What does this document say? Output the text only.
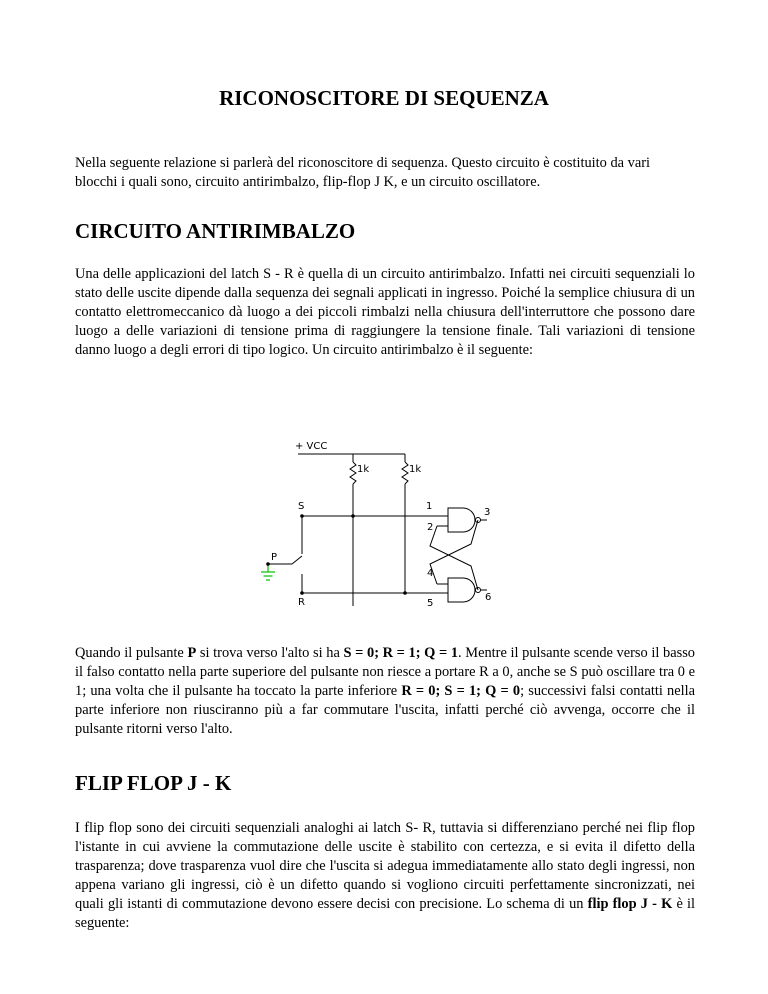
RICONOSCITORE DI SEQUENZA

Nella seguente relazione si parlerà del riconoscitore di sequenza. Questo circuito è costituito da vari blocchi i quali sono, circuito antirimbalzo, flip-flop J K, e un circuito oscillatore.

CIRCUITO ANTIRIMBALZO

Una delle applicazioni del latch S - R è quella di un circuito antirimbalzo. Infatti nei circuiti sequenziali lo stato delle uscite dipende dalla sequenza dei segnali applicati in ingresso. Poiché la semplice chiusura di un contatto elettromeccanico dà luogo a dei piccoli rimbalzi nella chiusura dell'interruttore che possono dare luogo a delle variazioni di tensione prima di raggiungere la tensione finale. Tali variazioni di tensione danno luogo a degli errori di tipo logico. Un circuito antirimbalzo è il seguente:

+ VCC
1k	1k
S
P
R
1
2
3
4
5
6

Quando il pulsante P si trova verso l'alto si ha S = 0; R = 1; Q = 1. Mentre il pulsante scende verso il basso il falso contatto nella parte superiore del pulsante non riesce a portare R a 0, anche se S può oscillare tra 0 e 1; una volta che il pulsante ha toccato la parte inferiore R = 0; S = 1; Q = 0; successivi falsi contatti nella parte inferiore non riusciranno più a far commutare l'uscita, infatti perché ciò avvenga, occorre che il pulsante ritorni verso l'alto.

FLIP FLOP J - K

I flip flop sono dei circuiti sequenziali analoghi ai latch S- R, tuttavia si differenziano perché nei flip flop l'istante in cui avviene la commutazione delle uscite è stabilito con certezza, e si evita il difetto della trasparenza; dove trasparenza vuol dire che l'uscita si adegua immediatamente allo stato degli ingressi, non appena variano gli ingressi, ciò è un difetto quando si vogliono circuiti perfettamente sincronizzati, nei quali gli istanti di commutazione devono essere decisi con precisione. Lo schema di un flip flop J - K è il seguente:
